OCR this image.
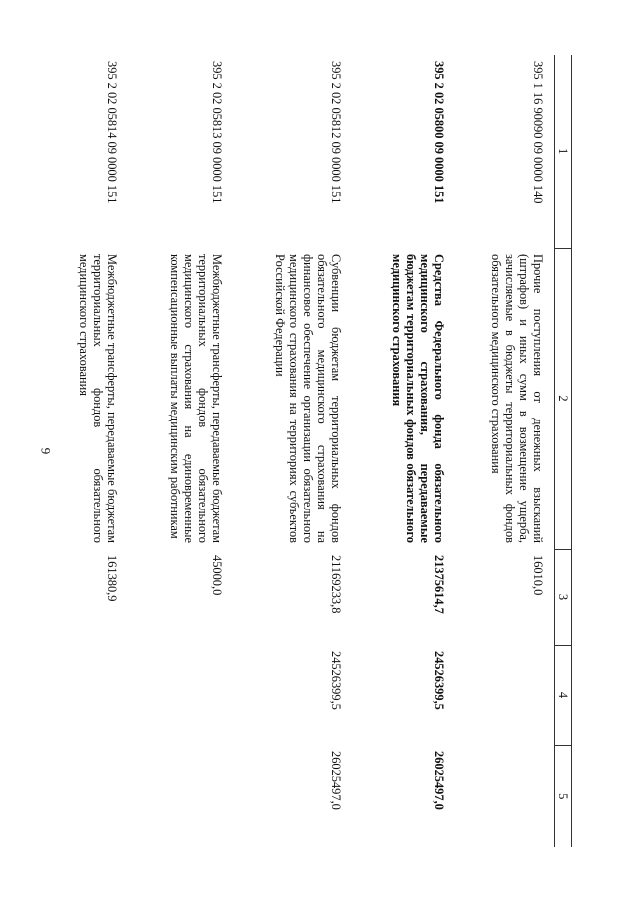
6
1	2	3	4	5
395 1 16 90090 09 0000 140	Прочие поступления от денежных взысканий (штрафов) и иных сумм в возмещение ущерба, зачисляемые в бюджеты территориальных фондов обязательного медицинского страхования	16010,0		
395 2 02 05800 09 0000 151	Средства Федерального фонда обязательного медицинского страхования, передаваемые бюджетам территориальных фондов обязательного медицинского страхования	21375614,7	24526399,5	26025497,0
395 2 02 05812 09 0000 151	Субвенции бюджетам территориальных фондов обязательного медицинского страхования на финансовое обеспечение организации обязательного медицинского страхования на территориях субъектов Российской Федерации	21169233,8	24526399,5	26025497,0
395 2 02 05813 09 0000 151	Межбюджетные трансферты, передаваемые бюджетам территориальных фондов обязательного медицинского страхования на единовременные компенсационные выплаты медицинским работникам	45000,0		
395 2 02 05814 09 0000 151	Межбюджетные трансферты, передаваемые бюджетам территориальных фондов обязательного медицинского страхования	161380,9		
